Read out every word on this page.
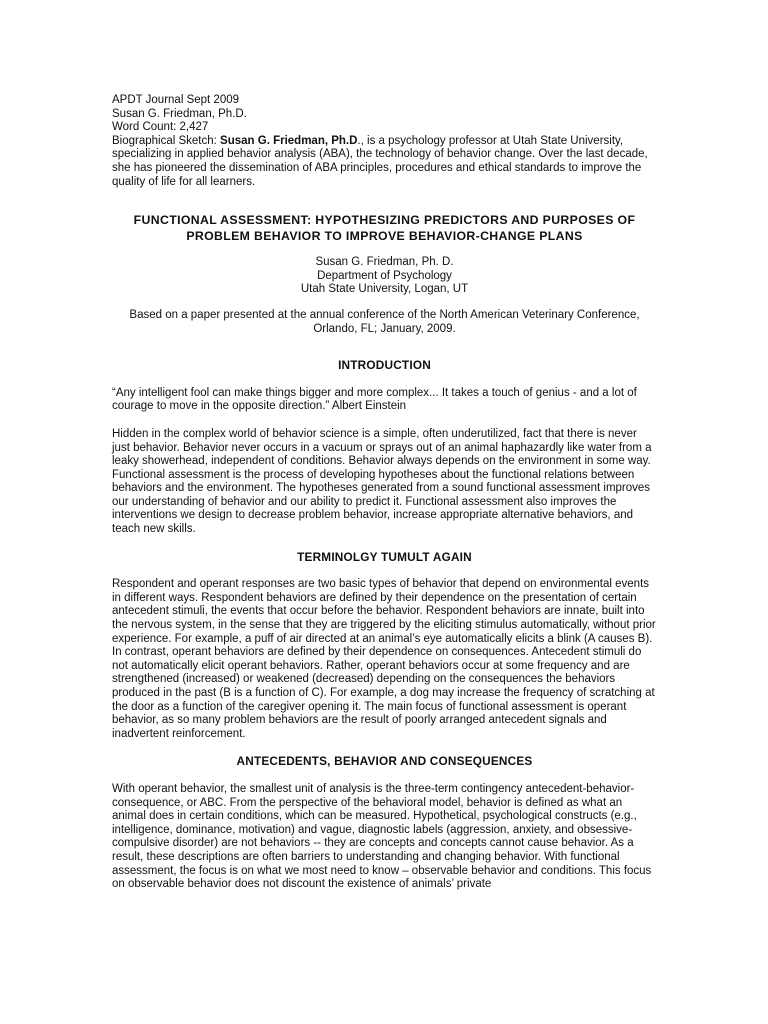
APDT Journal Sept 2009
Susan G. Friedman, Ph.D.
Word Count: 2,427
Biographical Sketch: Susan G. Friedman, Ph.D., is a psychology professor at Utah State University, specializing in applied behavior analysis (ABA), the technology of behavior change. Over the last decade, she has pioneered the dissemination of ABA principles, procedures and ethical standards to improve the quality of life for all learners.
FUNCTIONAL ASSESSMENT: HYPOTHESIZING PREDICTORS AND PURPOSES OF PROBLEM BEHAVIOR TO IMPROVE BEHAVIOR-CHANGE PLANS
Susan G. Friedman, Ph. D.
Department of Psychology
Utah State University, Logan, UT
Based on a paper presented at the annual conference of the North American Veterinary Conference, Orlando, FL; January, 2009.
INTRODUCTION

“Any intelligent fool can make things bigger and more complex... It takes a touch of genius - and a lot of courage to move in the opposite direction.” Albert Einstein

Hidden in the complex world of behavior science is a simple, often underutilized, fact that there is never just behavior. Behavior never occurs in a vacuum or sprays out of an animal haphazardly like water from a leaky showerhead, independent of conditions. Behavior always depends on the environment in some way. Functional assessment is the process of developing hypotheses about the functional relations between behaviors and the environment. The hypotheses generated from a sound functional assessment improves our understanding of behavior and our ability to predict it. Functional assessment also improves the interventions we design to decrease problem behavior, increase appropriate alternative behaviors, and teach new skills.

TERMINOLGY TUMULT AGAIN

Respondent and operant responses are two basic types of behavior that depend on environmental events in different ways. Respondent behaviors are defined by their dependence on the presentation of certain antecedent stimuli, the events that occur before the behavior. Respondent behaviors are innate, built into the nervous system, in the sense that they are triggered by the eliciting stimulus automatically, without prior experience. For example, a puff of air directed at an animal’s eye automatically elicits a blink (A causes B). In contrast, operant behaviors are defined by their dependence on consequences. Antecedent stimuli do not automatically elicit operant behaviors. Rather, operant behaviors occur at some frequency and are strengthened (increased) or weakened (decreased) depending on the consequences the behaviors produced in the past (B is a function of C). For example, a dog may increase the frequency of scratching at the door as a function of the caregiver opening it. The main focus of functional assessment is operant behavior, as so many problem behaviors are the result of poorly arranged antecedent signals and inadvertent reinforcement.

ANTECEDENTS, BEHAVIOR AND CONSEQUENCES

With operant behavior, the smallest unit of analysis is the three-term contingency antecedent-behavior-consequence, or ABC. From the perspective of the behavioral model, behavior is defined as what an animal does in certain conditions, which can be measured. Hypothetical, psychological constructs (e.g., intelligence, dominance, motivation) and vague, diagnostic labels (aggression, anxiety, and obsessive-compulsive disorder) are not behaviors -- they are concepts and concepts cannot cause behavior. As a result, these descriptions are often barriers to understanding and changing behavior. With functional assessment, the focus is on what we most need to know – observable behavior and conditions. This focus on observable behavior does not discount the existence of animals’ private
